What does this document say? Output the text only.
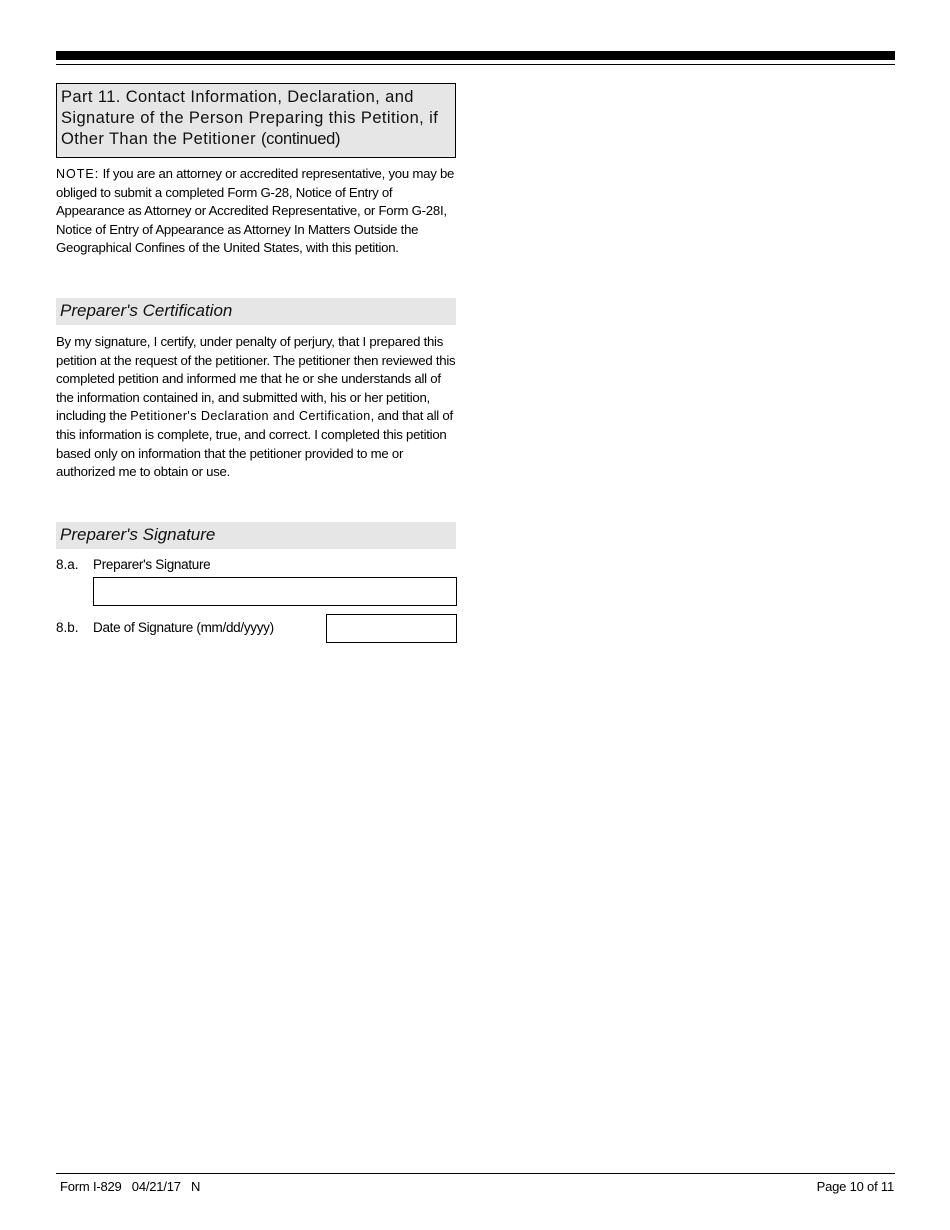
Part 11. Contact Information, Declaration, and Signature of the Person Preparing this Petition, if Other Than the Petitioner (continued)
NOTE: If you are an attorney or accredited representative, you may be obliged to submit a completed Form G-28, Notice of Entry of Appearance as Attorney or Accredited Representative, or Form G-28I, Notice of Entry of Appearance as Attorney In Matters Outside the Geographical Confines of the United States, with this petition.
Preparer's Certification
By my signature, I certify, under penalty of perjury, that I prepared this petition at the request of the petitioner. The petitioner then reviewed this completed petition and informed me that he or she understands all of the information contained in, and submitted with, his or her petition, including the Petitioner's Declaration and Certification, and that all of this information is complete, true, and correct. I completed this petition based only on information that the petitioner provided to me or authorized me to obtain or use.
Preparer's Signature
8.a. Preparer's Signature
8.b. Date of Signature (mm/dd/yyyy)
Form I-829   04/21/17   N	Page 10 of 11
